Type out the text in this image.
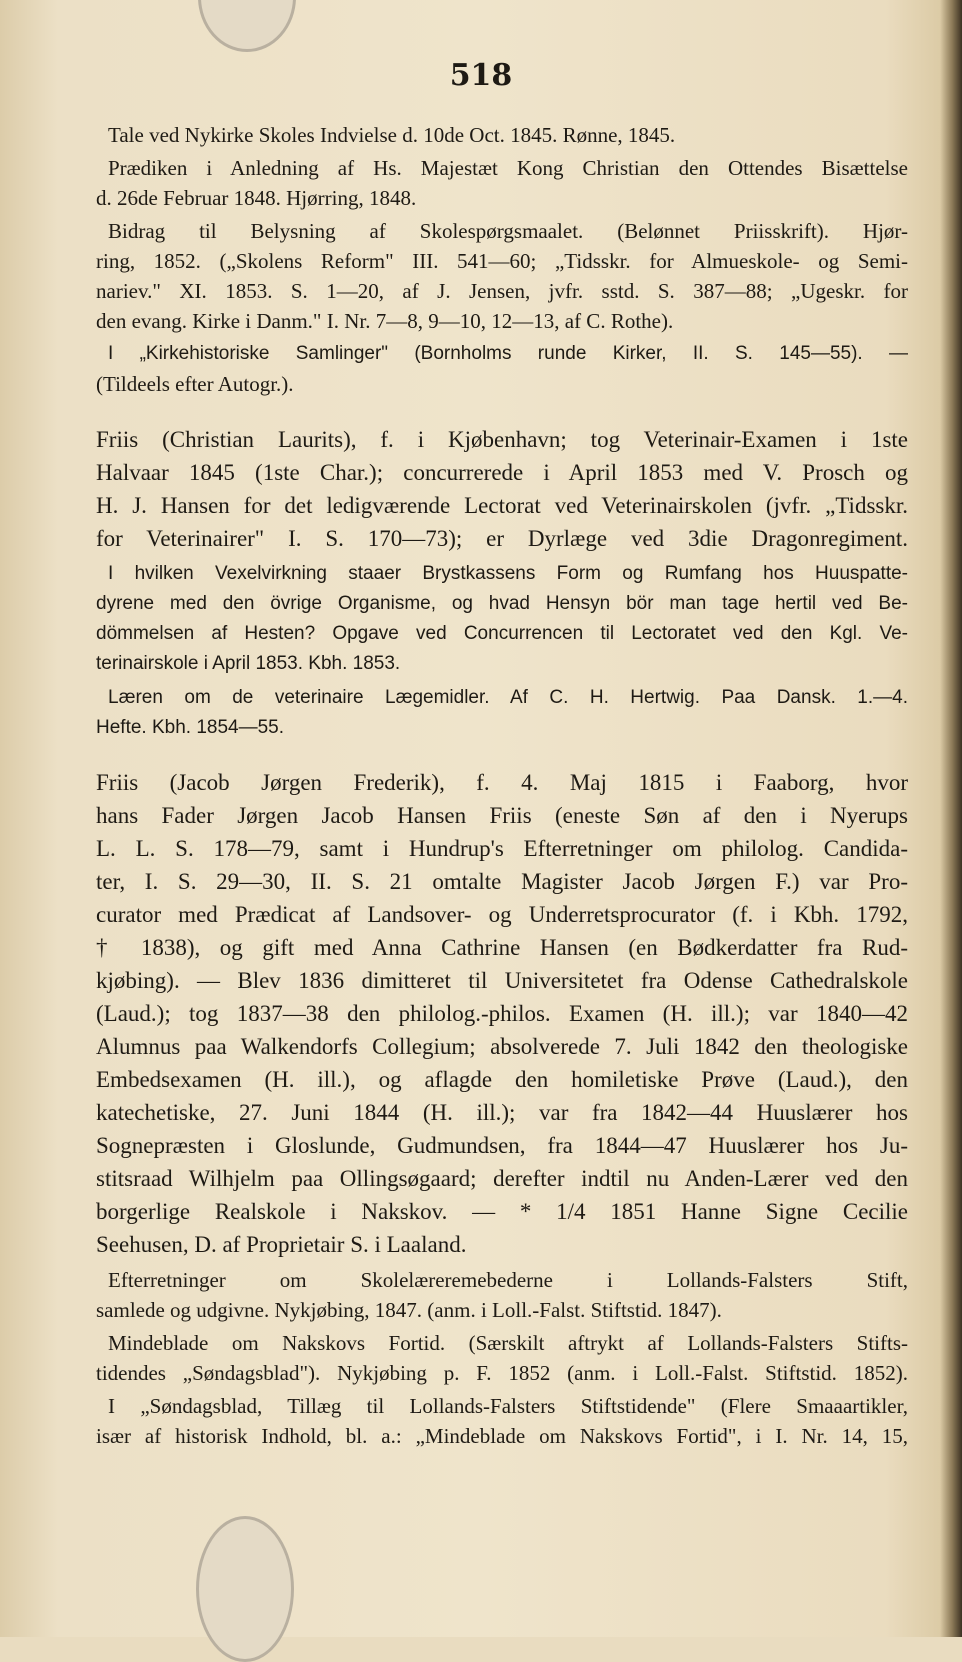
518
Tale ved Nykirke Skoles Indvielse d. 10de Oct. 1845. Rønne, 1845.
Prædiken i Anledning af Hs. Majestæt Kong Christian den Ottendes Bisættelse
d. 26de Februar 1848. Hjørring, 1848.
Bidrag til Belysning af Skolespørgsmaalet. (Belønnet Priisskrift). Hjør-
ring, 1852. („Skolens Reform" III. 541—60; „Tidsskr. for Almueskole- og Semi-
nariev." XI. 1853. S. 1—20, af J. Jensen, jvfr. sstd. S. 387—88; „Ugeskr. for
den evang. Kirke i Danm." I. Nr. 7—8, 9—10, 12—13, af C. Rothe).
I „Kirkehistoriske Samlinger" (Bornholms runde Kirker, II. S. 145—55). —
(Tildeels efter Autogr.).
Friis (Christian Laurits), f. i Kjøbenhavn; tog Veterinair-Examen i 1ste
Halvaar 1845 (1ste Char.); concurrerede i April 1853 med V. Prosch og
H. J. Hansen for det ledigværende Lectorat ved Veterinairskolen (jvfr. „Tidsskr.
for Veterinairer" I. S. 170—73); er Dyrlæge ved 3die Dragonregiment.
I hvilken Vexelvirkning staaer Brystkassens Form og Rumfang hos Huuspatte-
dyrene med den övrige Organisme, og hvad Hensyn bör man tage hertil ved Be-
dömmelsen af Hesten? Opgave ved Concurrencen til Lectoratet ved den Kgl. Ve-
terinairskole i April 1853. Kbh. 1853.
Læren om de veterinaire Lægemidler. Af C. H. Hertwig. Paa Dansk. 1.—4.
Hefte. Kbh. 1854—55.
Friis (Jacob Jørgen Frederik), f. 4. Maj 1815 i Faaborg, hvor
hans Fader Jørgen Jacob Hansen Friis (eneste Søn af den i Nyerups
L. L. S. 178—79, samt i Hundrup's Efterretninger om philolog. Candida-
ter, I. S. 29—30, II. S. 21 omtalte Magister Jacob Jørgen F.) var Pro-
curator med Prædicat af Landsover- og Underretsprocurator (f. i Kbh. 1792,
† 1838), og gift med Anna Cathrine Hansen (en Bødkerdatter fra Rud-
kjøbing). — Blev 1836 dimitteret til Universitetet fra Odense Cathedralskole
(Laud.); tog 1837—38 den philolog.-philos. Examen (H. ill.); var 1840—42
Alumnus paa Walkendorfs Collegium; absolverede 7. Juli 1842 den theologiske
Embedsexamen (H. ill.), og aflagde den homiletiske Prøve (Laud.), den
katechetiske, 27. Juni 1844 (H. ill.); var fra 1842—44 Huuslærer hos
Sognepræsten i Gloslunde, Gudmundsen, fra 1844—47 Huuslærer hos Ju-
stitsraad Wilhjelm paa Ollingsøgaard; derefter indtil nu Anden-Lærer ved den
borgerlige Realskole i Nakskov. — * 1/4 1851 Hanne Signe Cecilie
Seehusen, D. af Proprietair S. i Laaland.
Efterretninger om Skolelæreremebederne i Lollands-Falsters Stift,
samlede og udgivne. Nykjøbing, 1847. (anm. i Loll.-Falst. Stiftstid. 1847).
Mindeblade om Nakskovs Fortid. (Særskilt aftrykt af Lollands-Falsters Stifts-
tidendes „Søndagsblad"). Nykjøbing p. F. 1852 (anm. i Loll.-Falst. Stiftstid. 1852).
I „Søndagsblad, Tillæg til Lollands-Falsters Stiftstidende" (Flere Smaaartikler,
især af historisk Indhold, bl. a.: „Mindeblade om Nakskovs Fortid", i I. Nr. 14, 15,
